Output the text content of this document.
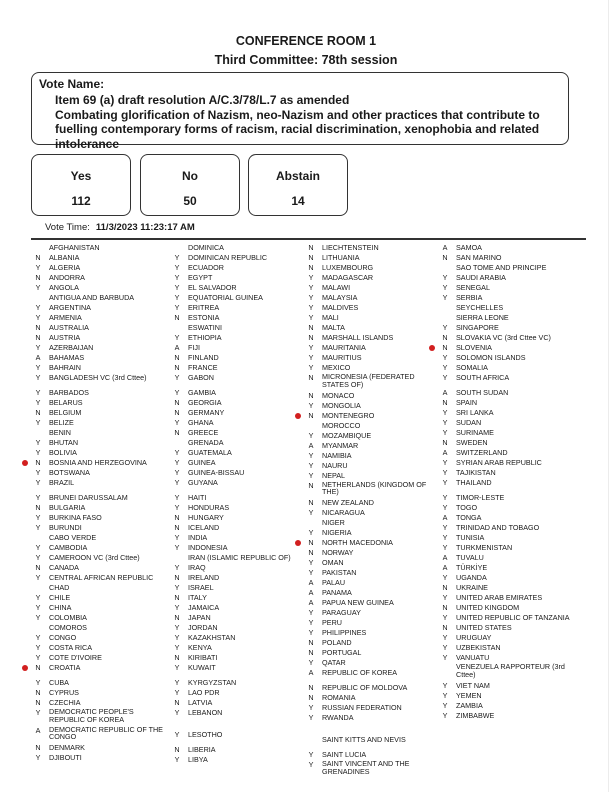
CONFERENCE ROOM 1
Third Committee: 78th session
Vote Name:
Item 69 (a) draft resolution A/C.3/78/L.7 as amended
Combating glorification of Nazism, neo-Nazism and other practices that contribute to fuelling contemporary forms of racism, racial discrimination, xenophobia and related intolerance
Yes
112
No
50
Abstain
14
Vote Time: 11/3/2023 11:23:17 AM
AFGHANISTAN
N	ALBANIA
Y	ALGERIA
N	ANDORRA
Y	ANGOLA
ANTIGUA AND BARBUDA
Y	ARGENTINA
Y	ARMENIA
N	AUSTRALIA
N	AUSTRIA
Y	AZERBAIJAN
A	BAHAMAS
Y	BAHRAIN
Y	BANGLADESH VC (3rd Cttee)
Y	BARBADOS
Y	BELARUS
N	BELGIUM
Y	BELIZE
BENIN
Y	BHUTAN
Y	BOLIVIA
N	BOSNIA AND HERZEGOVINA
Y	BOTSWANA
Y	BRAZIL
Y	BRUNEI DARUSSALAM
N	BULGARIA
Y	BURKINA FASO
Y	BURUNDI
CABO VERDE
Y	CAMBODIA
Y	CAMEROON VC (3rd Cttee)
N	CANADA
Y	CENTRAL AFRICAN REPUBLIC
CHAD
Y	CHILE
Y	CHINA
Y	COLOMBIA
COMOROS
Y	CONGO
Y	COSTA RICA
Y	COTE D'IVOIRE
N	CROATIA
Y	CUBA
N	CYPRUS
N	CZECHIA
Y	DEMOCRATIC PEOPLE'S REPUBLIC OF KOREA
A	DEMOCRATIC REPUBLIC OF THE CONGO
N	DENMARK
Y	DJIBOUTI
DOMINICA
Y	DOMINICAN REPUBLIC
Y	ECUADOR
Y	EGYPT
Y	EL SALVADOR
Y	EQUATORIAL GUINEA
Y	ERITREA
N	ESTONIA
ESWATINI
Y	ETHIOPIA
A	FIJI
N	FINLAND
N	FRANCE
Y	GABON
Y	GAMBIA
N	GEORGIA
N	GERMANY
Y	GHANA
N	GREECE
GRENADA
Y	GUATEMALA
Y	GUINEA
Y	GUINEA-BISSAU
Y	GUYANA
Y	HAITI
Y	HONDURAS
N	HUNGARY
N	ICELAND
Y	INDIA
Y	INDONESIA
IRAN (ISLAMIC REPUBLIC OF)
Y	IRAQ
N	IRELAND
Y	ISRAEL
N	ITALY
Y	JAMAICA
N	JAPAN
Y	JORDAN
Y	KAZAKHSTAN
Y	KENYA
N	KIRIBATI
Y	KUWAIT
Y	KYRGYZSTAN
Y	LAO PDR
N	LATVIA
Y	LEBANON
Y	LESOTHO
N	LIBERIA
Y	LIBYA
N	LIECHTENSTEIN
N	LITHUANIA
N	LUXEMBOURG
Y	MADAGASCAR
Y	MALAWI
Y	MALAYSIA
Y	MALDIVES
Y	MALI
N	MALTA
N	MARSHALL ISLANDS
Y	MAURITANIA
Y	MAURITIUS
Y	MEXICO
N	MICRONESIA (FEDERATED STATES OF)
N	MONACO
Y	MONGOLIA
N	MONTENEGRO
MOROCCO
Y	MOZAMBIQUE
A	MYANMAR
Y	NAMIBIA
Y	NAURU
Y	NEPAL
N	NETHERLANDS (KINGDOM OF THE)
N	NEW ZEALAND
Y	NICARAGUA
NIGER
Y	NIGERIA
N	NORTH MACEDONIA
N	NORWAY
Y	OMAN
Y	PAKISTAN
A	PALAU
A	PANAMA
A	PAPUA NEW GUINEA
Y	PARAGUAY
Y	PERU
Y	PHILIPPINES
N	POLAND
N	PORTUGAL
Y	QATAR
A	REPUBLIC OF KOREA
N	REPUBLIC OF MOLDOVA
N	ROMANIA
Y	RUSSIAN FEDERATION
Y	RWANDA
SAINT KITTS AND NEVIS
Y	SAINT LUCIA
Y	SAINT VINCENT AND THE GRENADINES
A	SAMOA
N	SAN MARINO
SAO TOME AND PRINCIPE
Y	SAUDI ARABIA
Y	SENEGAL
Y	SERBIA
SEYCHELLES
SIERRA LEONE
Y	SINGAPORE
N	SLOVAKIA VC (3rd Cttee VC)
N	SLOVENIA
Y	SOLOMON ISLANDS
Y	SOMALIA
Y	SOUTH AFRICA
A	SOUTH SUDAN
N	SPAIN
Y	SRI LANKA
Y	SUDAN
Y	SURINAME
N	SWEDEN
A	SWITZERLAND
Y	SYRIAN ARAB REPUBLIC
Y	TAJIKISTAN
Y	THAILAND
Y	TIMOR-LESTE
Y	TOGO
A	TONGA
Y	TRINIDAD AND TOBAGO
Y	TUNISIA
Y	TURKMENISTAN
A	TUVALU
A	TÜRKİYE
Y	UGANDA
N	UKRAINE
Y	UNITED ARAB EMIRATES
N	UNITED KINGDOM
Y	UNITED REPUBLIC OF TANZANIA
N	UNITED STATES
Y	URUGUAY
Y	UZBEKISTAN
Y	VANUATU
VENEZUELA RAPPORTEUR (3rd Cttee)
Y	VIET NAM
Y	YEMEN
Y	ZAMBIA
Y	ZIMBABWE
